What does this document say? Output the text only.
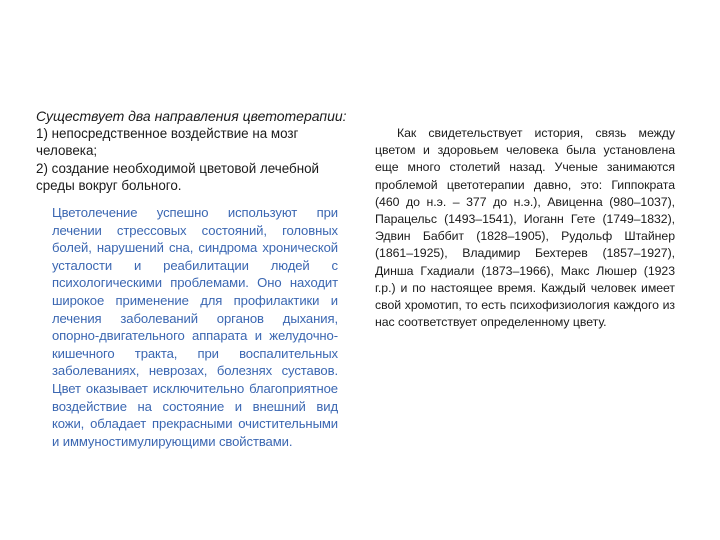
Существует два направления цветотерапии:

1) непосредственное воздействие на мозг человека;

2) создание необходимой цветовой лечебной среды вокруг больного.

Цветолечение успешно используют при лечении стрессовых состояний, головных болей, нарушений сна, синдрома хронической усталости и реабилитации людей с психологическими проблемами. Оно находит широкое применение для профилактики и лечения заболеваний органов дыхания, опорно-двигательного аппарата и желудочно-кишечного тракта, при воспалительных заболеваниях, неврозах, болезнях суставов. Цвет оказывает исключительно благоприятное воздействие на состояние и внешний вид кожи, обладает прекрасными очистительными и иммуностимулирующими свойствами.

Как свидетельствует история, связь между цветом и здоровьем человека была установлена еще много столетий назад. Ученые занимаются проблемой цветотерапии давно, это: Гиппократа (460 до н.э. – 377 до н.э.), Авиценна (980–1037), Парацельс (1493–1541), Иоганн Гете (1749–1832), Эдвин Баббит (1828–1905), Рудольф Штайнер (1861–1925), Владимир Бехтерев (1857–1927), Динша Гхадиали (1873–1966), Макс Люшер (1923 г.р.) и по настоящее время. Каждый человек имеет свой хромотип, то есть психофизиология каждого из нас соответствует определенному цвету.
